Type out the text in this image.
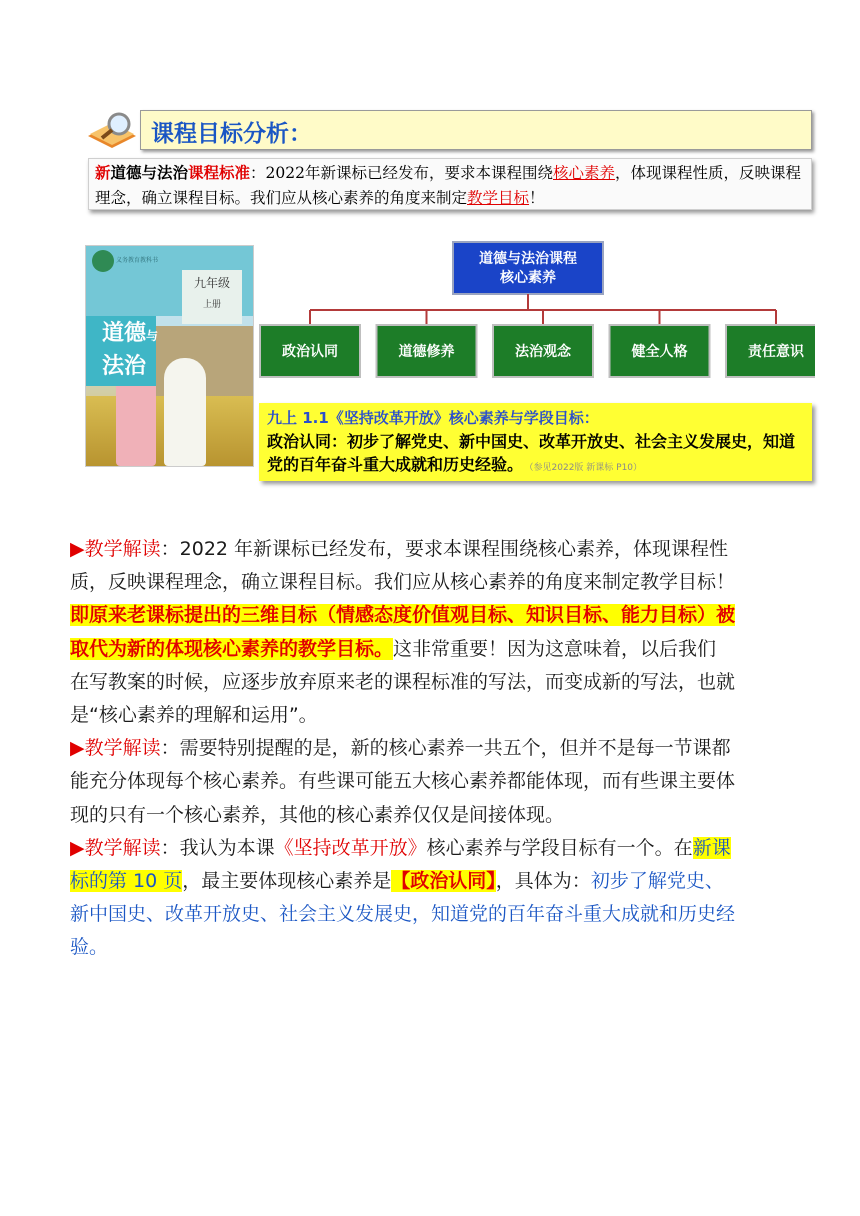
课程目标分析：
新道德与法治课程标准：2022年新课标已经发布，要求本课程围绕核心素养，体现课程性质，反映课程理念，确立课程目标。我们应从核心素养的角度来制定教学目标！
义务教育教科书
九年级
上册
道德与
法治
道德与法治课程
核心素养
政治认同	道德修养	法治观念	健全人格	责任意识
九上 1.1《坚持改革开放》核心素养与学段目标：
政治认同：初步了解党史、新中国史、改革开放史、社会主义发展史，知道党的百年奋斗重大成就和历史经验。 （参见2022版 新课标 P10）

▶教学解读：2022 年新课标已经发布，要求本课程围绕核心素养，体现课程性质，反映课程理念，确立课程目标。我们应从核心素养的角度来制定教学目标！即原来老课标提出的三维目标（情感态度价值观目标、知识目标、能力目标）被取代为新的体现核心素养的教学目标。这非常重要！因为这意味着，以后我们在写教案的时候，应逐步放弃原来老的课程标准的写法，而变成新的写法，也就是“核心素养的理解和运用”。

▶教学解读：需要特别提醒的是，新的核心素养一共五个，但并不是每一节课都能充分体现每个核心素养。有些课可能五大核心素养都能体现，而有些课主要体现的只有一个核心素养，其他的核心素养仅仅是间接体现。

▶教学解读：我认为本课《坚持改革开放》核心素养与学段目标有一个。在新课标的第 10 页，最主要体现核心素养是【政治认同】，具体为：初步了解党史、新中国史、改革开放史、社会主义发展史，知道党的百年奋斗重大成就和历史经验。
